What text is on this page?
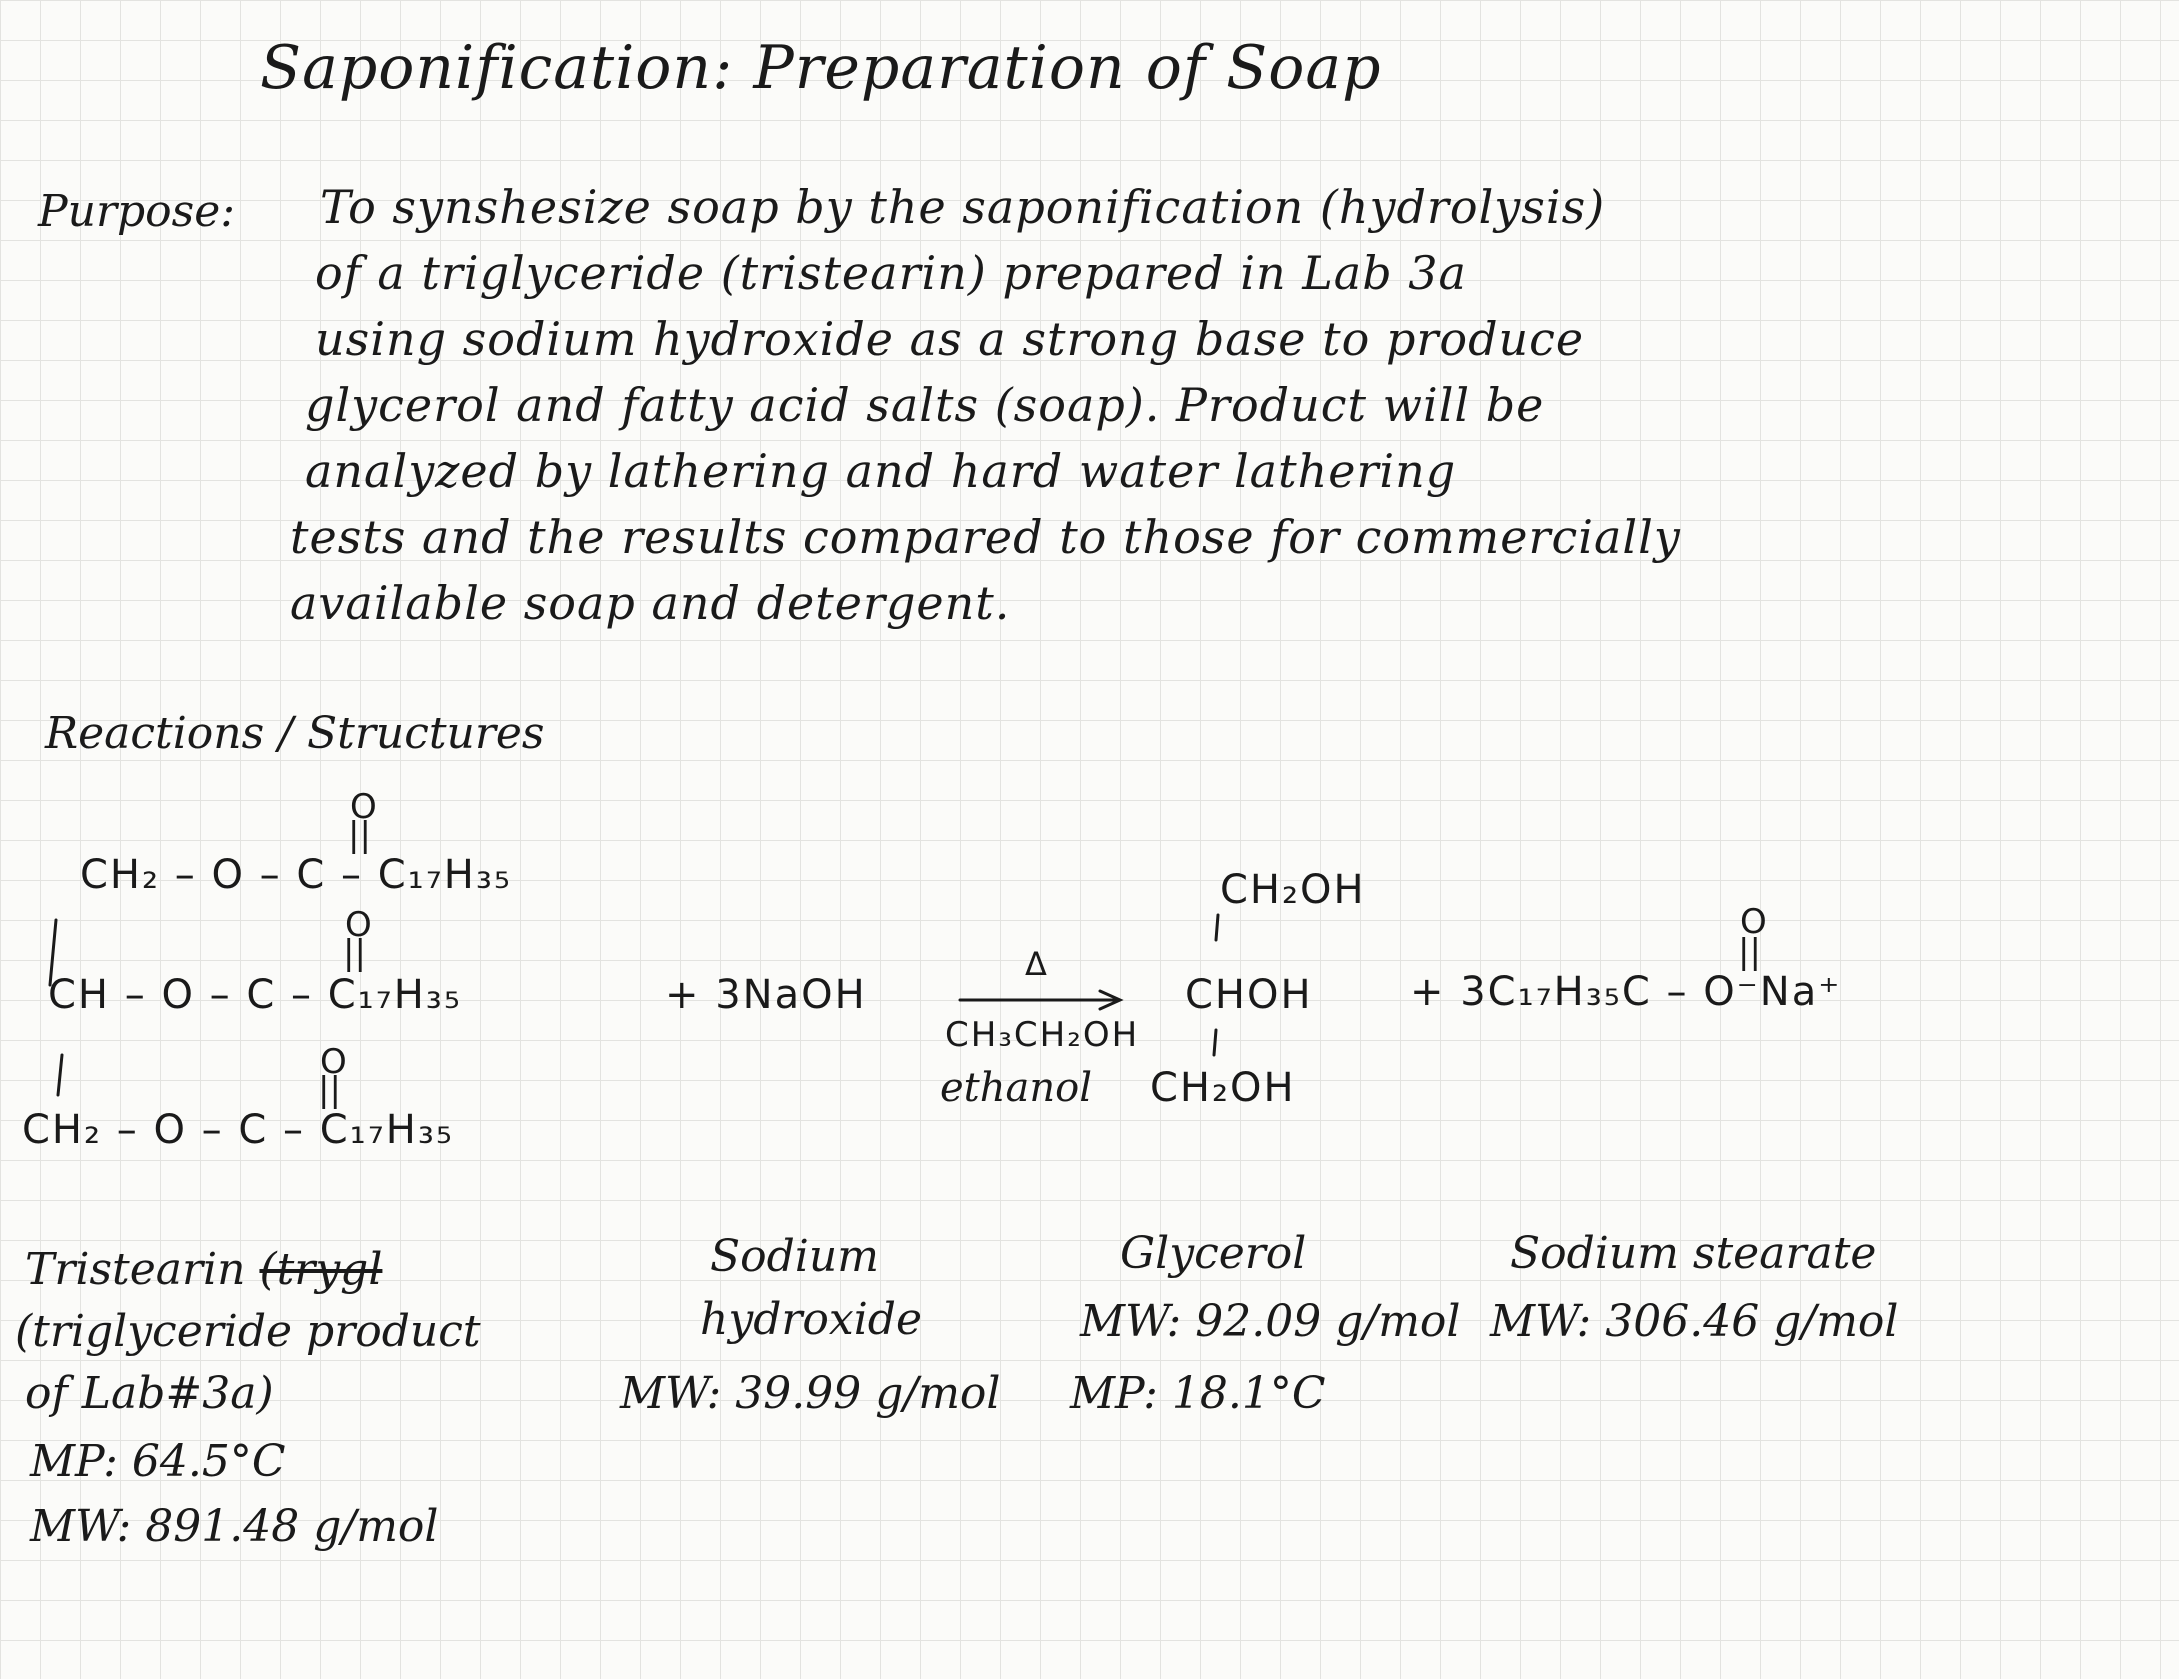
Saponification: Preparation of Soap
Purpose: To synshesize soap by the saponification (hydrolysis)
of a triglyceride (tristearin) prepared in Lab 3a
using sodium hydroxide as a strong base to produce
glycerol and fatty acid salts (soap). Product will be
analyzed by lathering and hard water lathering
tests and the results compared to those for commercially
available soap and detergent.
Reactions / Structures
O
||
CH₂ – O – C – C₁₇H₃₅
O
||
CH – O – C – C₁₇H₃₅
O
||
CH₂ – O – C – C₁₇H₃₅
+ 3NaOH
Δ
CH₃CH₂OH
ethanol
CH₂OH
CHOH
CH₂OH
O
||
+ 3C₁₇H₃₅C – O⁻Na⁺
Tristearin (trygl
(triglyceride product
of Lab#3a)
MP: 64.5°C
MW: 891.48 g/mol
Sodium
hydroxide
MW: 39.99 g/mol
Glycerol
MW: 92.09 g/mol
MP: 18.1°C
Sodium stearate
MW: 306.46 g/mol
